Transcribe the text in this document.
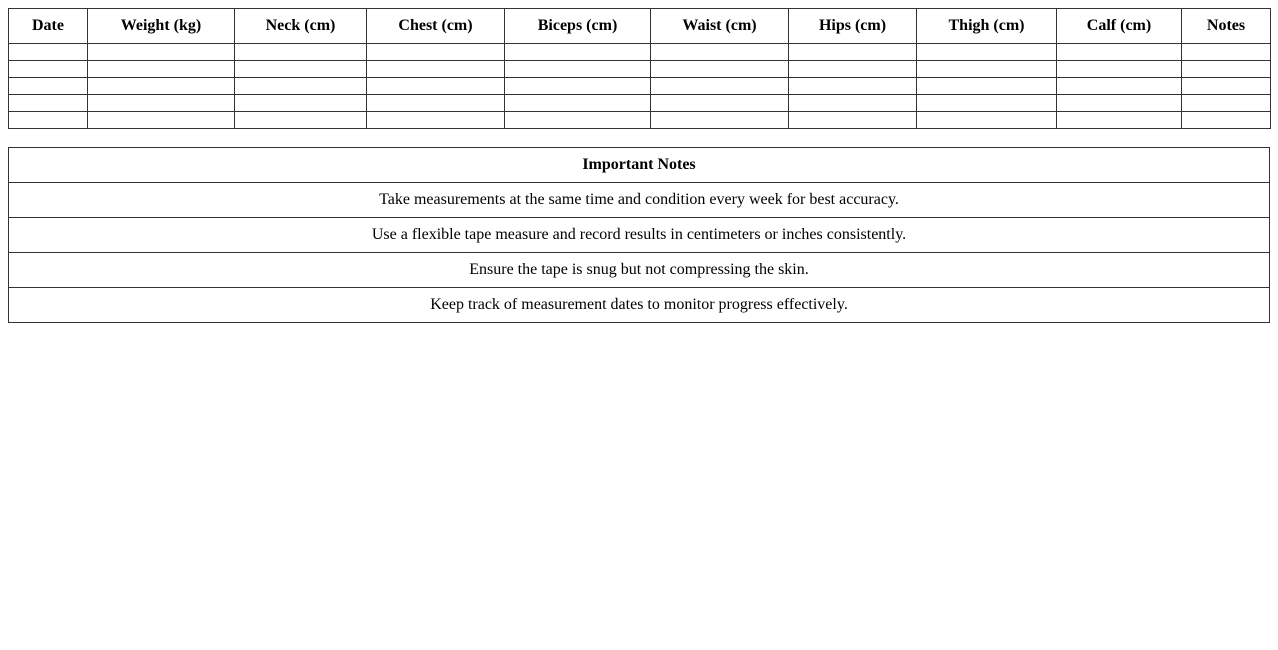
Date	Weight (kg)	Neck (cm)	Chest (cm)	Biceps (cm)	Waist (cm)	Hips (cm)	Thigh (cm)	Calf (cm)	Notes

Important Notes
Take measurements at the same time and condition every week for best accuracy.
Use a flexible tape measure and record results in centimeters or inches consistently.
Ensure the tape is snug but not compressing the skin.
Keep track of measurement dates to monitor progress effectively.
